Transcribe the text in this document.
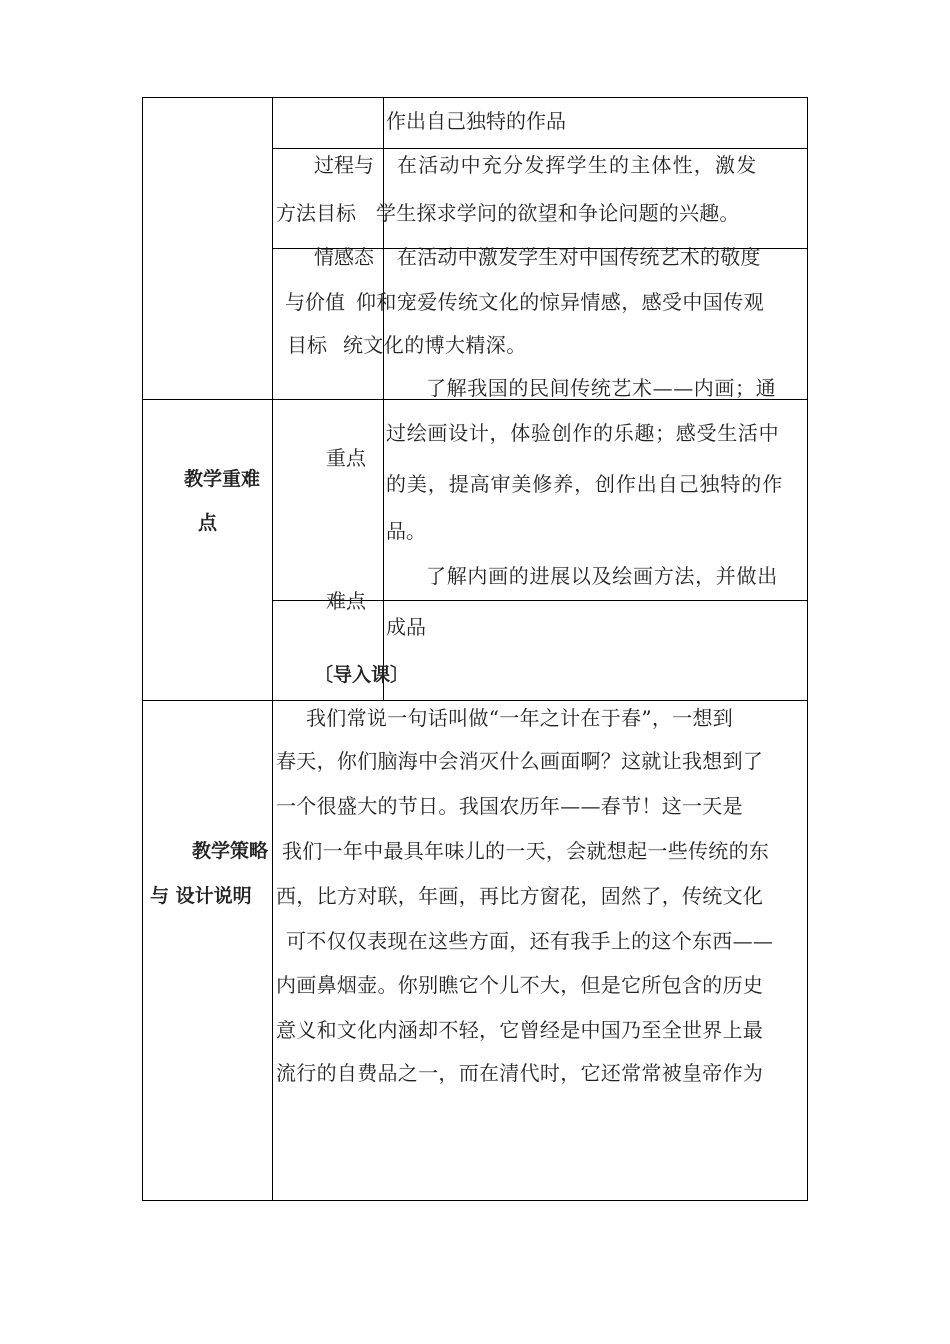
作出自己独特的作品
过程与
方法目标
在活动中充分发挥学生的主体性，激发
学生探求学问的欲望和争论问题的兴趣。
情感态
与价值
目标
在活动中激发学生对中国传统艺术的敬度
仰和宠爱传统文化的惊异情感，感受中国传观
统文化的博大精深。
教学重难
点
重点
了解我国的民间传统艺术——内画；通
过绘画设计，体验创作的乐趣；感受生活中
的美，提高审美修养，创作出自己独特的作
品。
难点
了解内画的进展以及绘画方法，并做出
成品
〔导入课〕
教学策略
与 设计说明
我们常说一句话叫做“一年之计在于春”，一想到
春天，你们脑海中会消灭什么画面啊？这就让我想到了
一个很盛大的节日。我国农历年——春节！这一天是
我们一年中最具年味儿的一天，会就想起一些传统的东
西，比方对联，年画，再比方窗花，固然了，传统文化
可不仅仅表现在这些方面，还有我手上的这个东西——
内画鼻烟壶。你别瞧它个儿不大，但是它所包含的历史
意义和文化内涵却不轻，它曾经是中国乃至全世界上最
流行的自费品之一，而在清代时，它还常常被皇帝作为
